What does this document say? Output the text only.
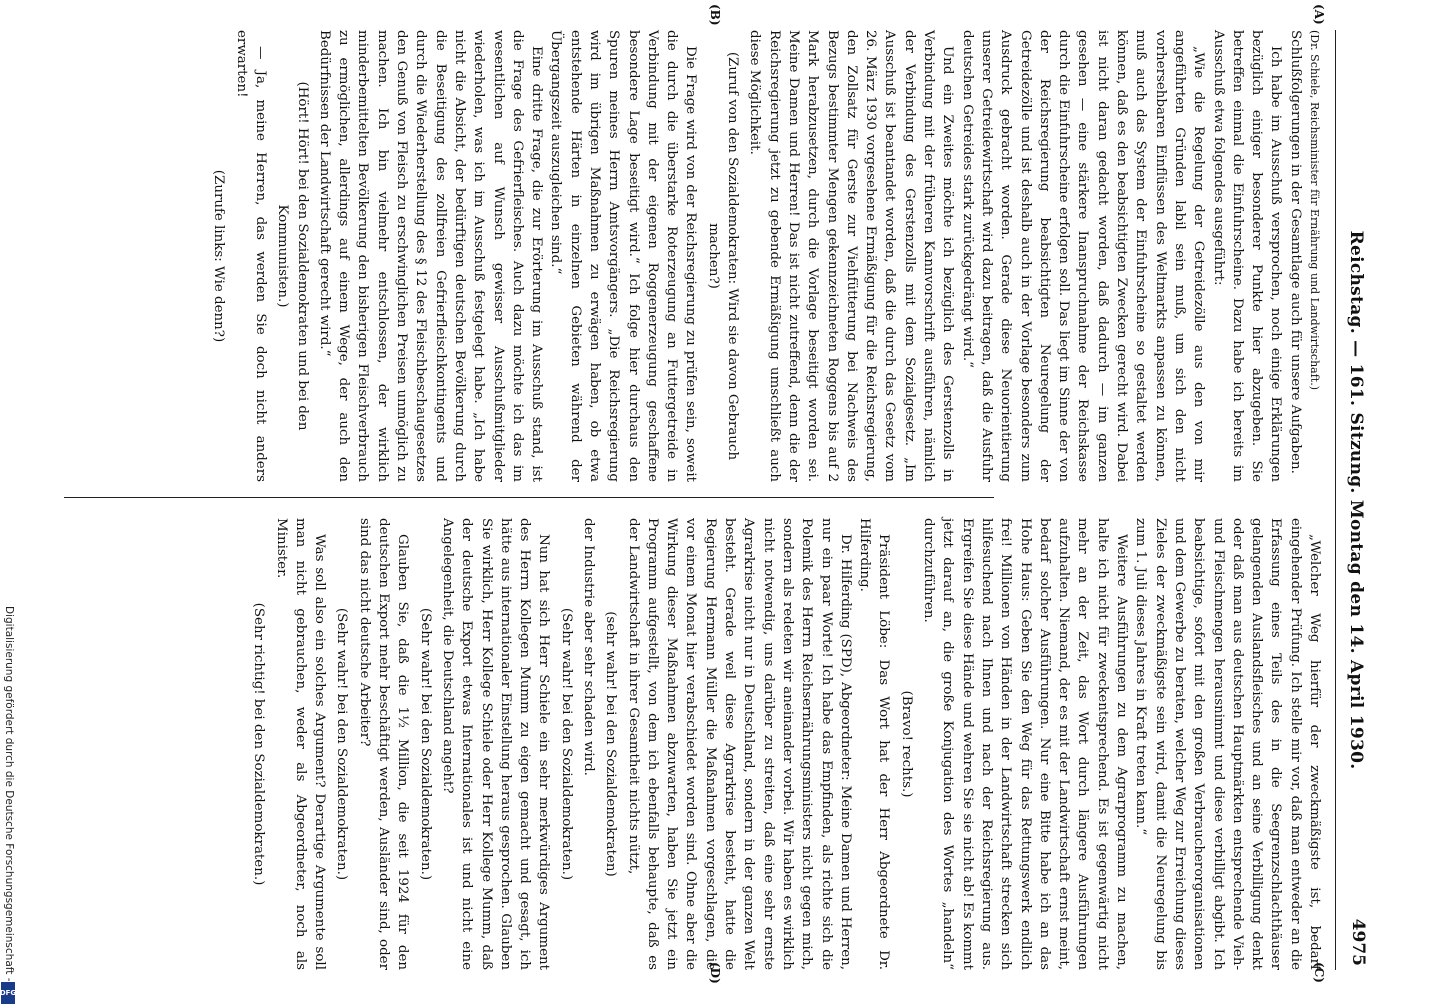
Reichstag. — 161. Sitzung. Montag den 14. April 1930.
4975
(A)
(B)
(C)
(D)

(Dr. Schiele, Reichsminister für Ernährung und Landwirtschaft.)

Schlußfolgerungen in der Gesamtlage auch für unsere Aufgaben.

Ich habe im Ausschuß versprochen, noch einige Erklärungen bezüglich einiger besonderer Punkte hier abzugeben. Sie betreffen einmal die Einfuhrscheine. Dazu habe ich bereits im Ausschuß etwa folgendes ausgeführt:

„Wie die Regelung der Getreidezölle aus den von mir angeführten Gründen labil sein muß, um sich den nicht vorhersehbaren Einflüssen des Weltmarkts anpassen zu können, muß auch das System der Einfuhrscheine so gestaltet werden können, daß es den beabsichtigten Zwecken gerecht wird. Dabei ist nicht daran gedacht worden, daß dadurch — im ganzen gesehen — eine stärkere Inanspruchnahme der Reichskasse durch die Einfuhrscheine erfolgen soll. Das liegt im Sinne der von der Reichsregierung beabsichtigten Neuregelung der Getreidezölle und ist deshalb auch in der Vorlage besonders zum Ausdruck gebracht worden. Gerade diese Neuorientierung unserer Getreidewirtschaft wird dazu beitragen, daß die Ausfuhr deutschen Getreides stark zurückgedrängt wird.“

Und ein Zweites möchte ich bezüglich des Gerstenzolls in Verbindung mit der früheren Kannvorschrift ausführen, nämlich der Verbindung des Gerstenzolls mit dem Sozialgesetz. „Im Ausschuß ist beantandet worden, daß die durch das Gesetz vom 26. März 1930 vorgesehene Ermäßigung für die Reichsregierung, den Zollsatz für Gerste zur Viehfütterung bei Nachweis des Bezugs bestimmter Mengen gekennzeichneten Roggens bis auf 2 Mark herabzusetzen, durch die Vorlage beseitigt worden sei. Meine Damen und Herren! Das ist nicht zutreffend, denn die der Reichsregierung jetzt zu gebende Ermäßigung umschließt auch diese Möglichkeit.

(Zuruf von den Sozialdemokraten: Wird sie davon Gebrauch machen?)

Die Frage wird von der Reichsregierung zu prüfen sein, soweit die durch die überstarke Roterzeugung an Futtergetreide in Verbindung mit der eigenen Roggenerzeugung geschaffene besondere Lage beseitigt wird.“ Ich folge hier durchaus den Spuren meines Herrn Amtsvorgängers. „Die Reichsregierung wird im übrigen Maßnahmen zu erwägen haben, ob etwa entstehende Härten in einzelnen Gebieten während der Übergangszeit auszugleichen sind.“

Eine dritte Frage, die zur Erörterung im Ausschuß stand, ist die Frage des Gefrierfleisches. Auch dazu möchte ich das im wesentlichen auf Wunsch gewisser Ausschußmitglieder wiederholen, was ich im Ausschuß festgelegt habe. „Ich habe nicht die Absicht, der bedürftigen deutschen Bevölkerung durch die Beseitigung des zollfreien Gefrierfleischkontingents und durch die Wiederherstellung des § 12 des Fleischbeschaugesetzes den Genuß von Fleisch zu erschwinglichen Preisen unmöglich zu machen. Ich bin vielmehr entschlossen, der wirklich minderbemittelten Bevölkerung den bisherigen Fleischverbrauch zu ermöglichen, allerdings auf einem Wege, der auch den Bedürfnissen der Landwirtschaft gerecht wird.“

(Hört! Hört! bei den Sozialdemokraten und bei den Kommunisten.)

— Ja, meine Herren, das werden Sie doch nicht anders erwarten!

(Zurufe links: Wie denn?)

„Welcher Weg hierfür der zweckmäßigste ist, bedarf eingehender Prüfung. Ich stelle mir vor, daß man entweder an die Erfassung eines Teils des in die Seegrenzschlachthäuser gelangenden Auslandsfleisches und an seine Verbilligung denkt oder daß man aus deutschen Hauptmärkten entsprechende Vieh- und Fleischmengen herausnimmt und diese verbilligt abgibt. Ich beabsichtige, sofort mit den großen Verbraucherorganisationen und dem Gewerbe zu beraten, welcher Weg zur Erreichung dieses Zieles der zweckmäßigste sein wird, damit die Neuregelung bis zum 1. Juli dieses Jahres in Kraft treten kann.“

Weitere Ausführungen zu dem Agrarprogramm zu machen, halte ich nicht für zweckentsprechend. Es ist gegenwärtig nicht mehr an der Zeit, das Wort durch längere Ausführungen aufzuhalten. Niemand, der es mit der Landwirtschaft ernst meint, bedarf solcher Ausführungen. Nur eine Bitte habe ich an das Hohe Haus: Geben Sie den Weg für das Rettungswerk endlich frei! Millionen von Händen in der Landwirtschaft strecken sich hilfesuchend nach Ihnen und nach der Reichsregierung aus. Ergreifen Sie diese Hände und wehren Sie sie nicht ab! Es kommt jetzt darauf an, die große Konjugation des Wortes „handeln“ durchzuführen.

(Bravo! rechts.)

Präsident Löbe: Das Wort hat der Herr Abgeordnete Dr. Hilferding.

Dr. Hilferding (SPD), Abgeordneter: Meine Damen und Herren, nur ein paar Worte! Ich habe das Empfinden, als richte sich die Polemik des Herrn Reichsernährungsministers nicht gegen mich, sondern als redeten wir aneinander vorbei. Wir haben es wirklich nicht notwendig, uns darüber zu streiten, daß eine sehr ernste Agrarkrise nicht nur in Deutschland, sondern in der ganzen Welt besteht. Gerade weil diese Agrarkrise besteht, hatte die Regierung Hermann Müller die Maßnahmen vorgeschlagen, die vor einem Monat hier verabschiedet worden sind. Ohne aber die Wirkung dieser Maßnahmen abzuwarten, haben Sie jetzt ein Programm aufgestellt, von dem ich ebenfalls behaupte, daß es der Landwirtschaft in ihrer Gesamtheit nichts nützt,

(sehr wahr! bei den Sozialdemokraten)

der Industrie aber sehr schaden wird.

(Sehr wahr! bei den Sozialdemokraten.)

Nun hat sich Herr Schiele ein sehr merkwürdiges Argument des Herrn Kollegen Mumm zu eigen gemacht und gesagt, ich hätte aus internationaler Einstellung heraus gesprochen. Glauben Sie wirklich, Herr Kollege Schiele oder Herr Kollege Mumm, daß der deutsche Export etwas Internationales ist und nicht eine Angelegenheit, die Deutschland angeht?

(Sehr wahr! bei den Sozialdemokraten.)

Glauben Sie, daß die 1½ Million, die seit 1924 für den deutschen Export mehr beschäftigt werden, Ausländer sind, oder sind das nicht deutsche Arbeiter?

(Sehr wahr! bei den Sozialdemokraten.)

Was soll also ein solches Argument? Derartige Argumente soll man nicht gebrauchen, weder als Abgeordneter, noch als Minister.

(Sehr richtig! bei den Sozialdemokraten.)

Digitalisierung gefördert durch die Deutsche Forschungsgemeinschaft -
DFG
